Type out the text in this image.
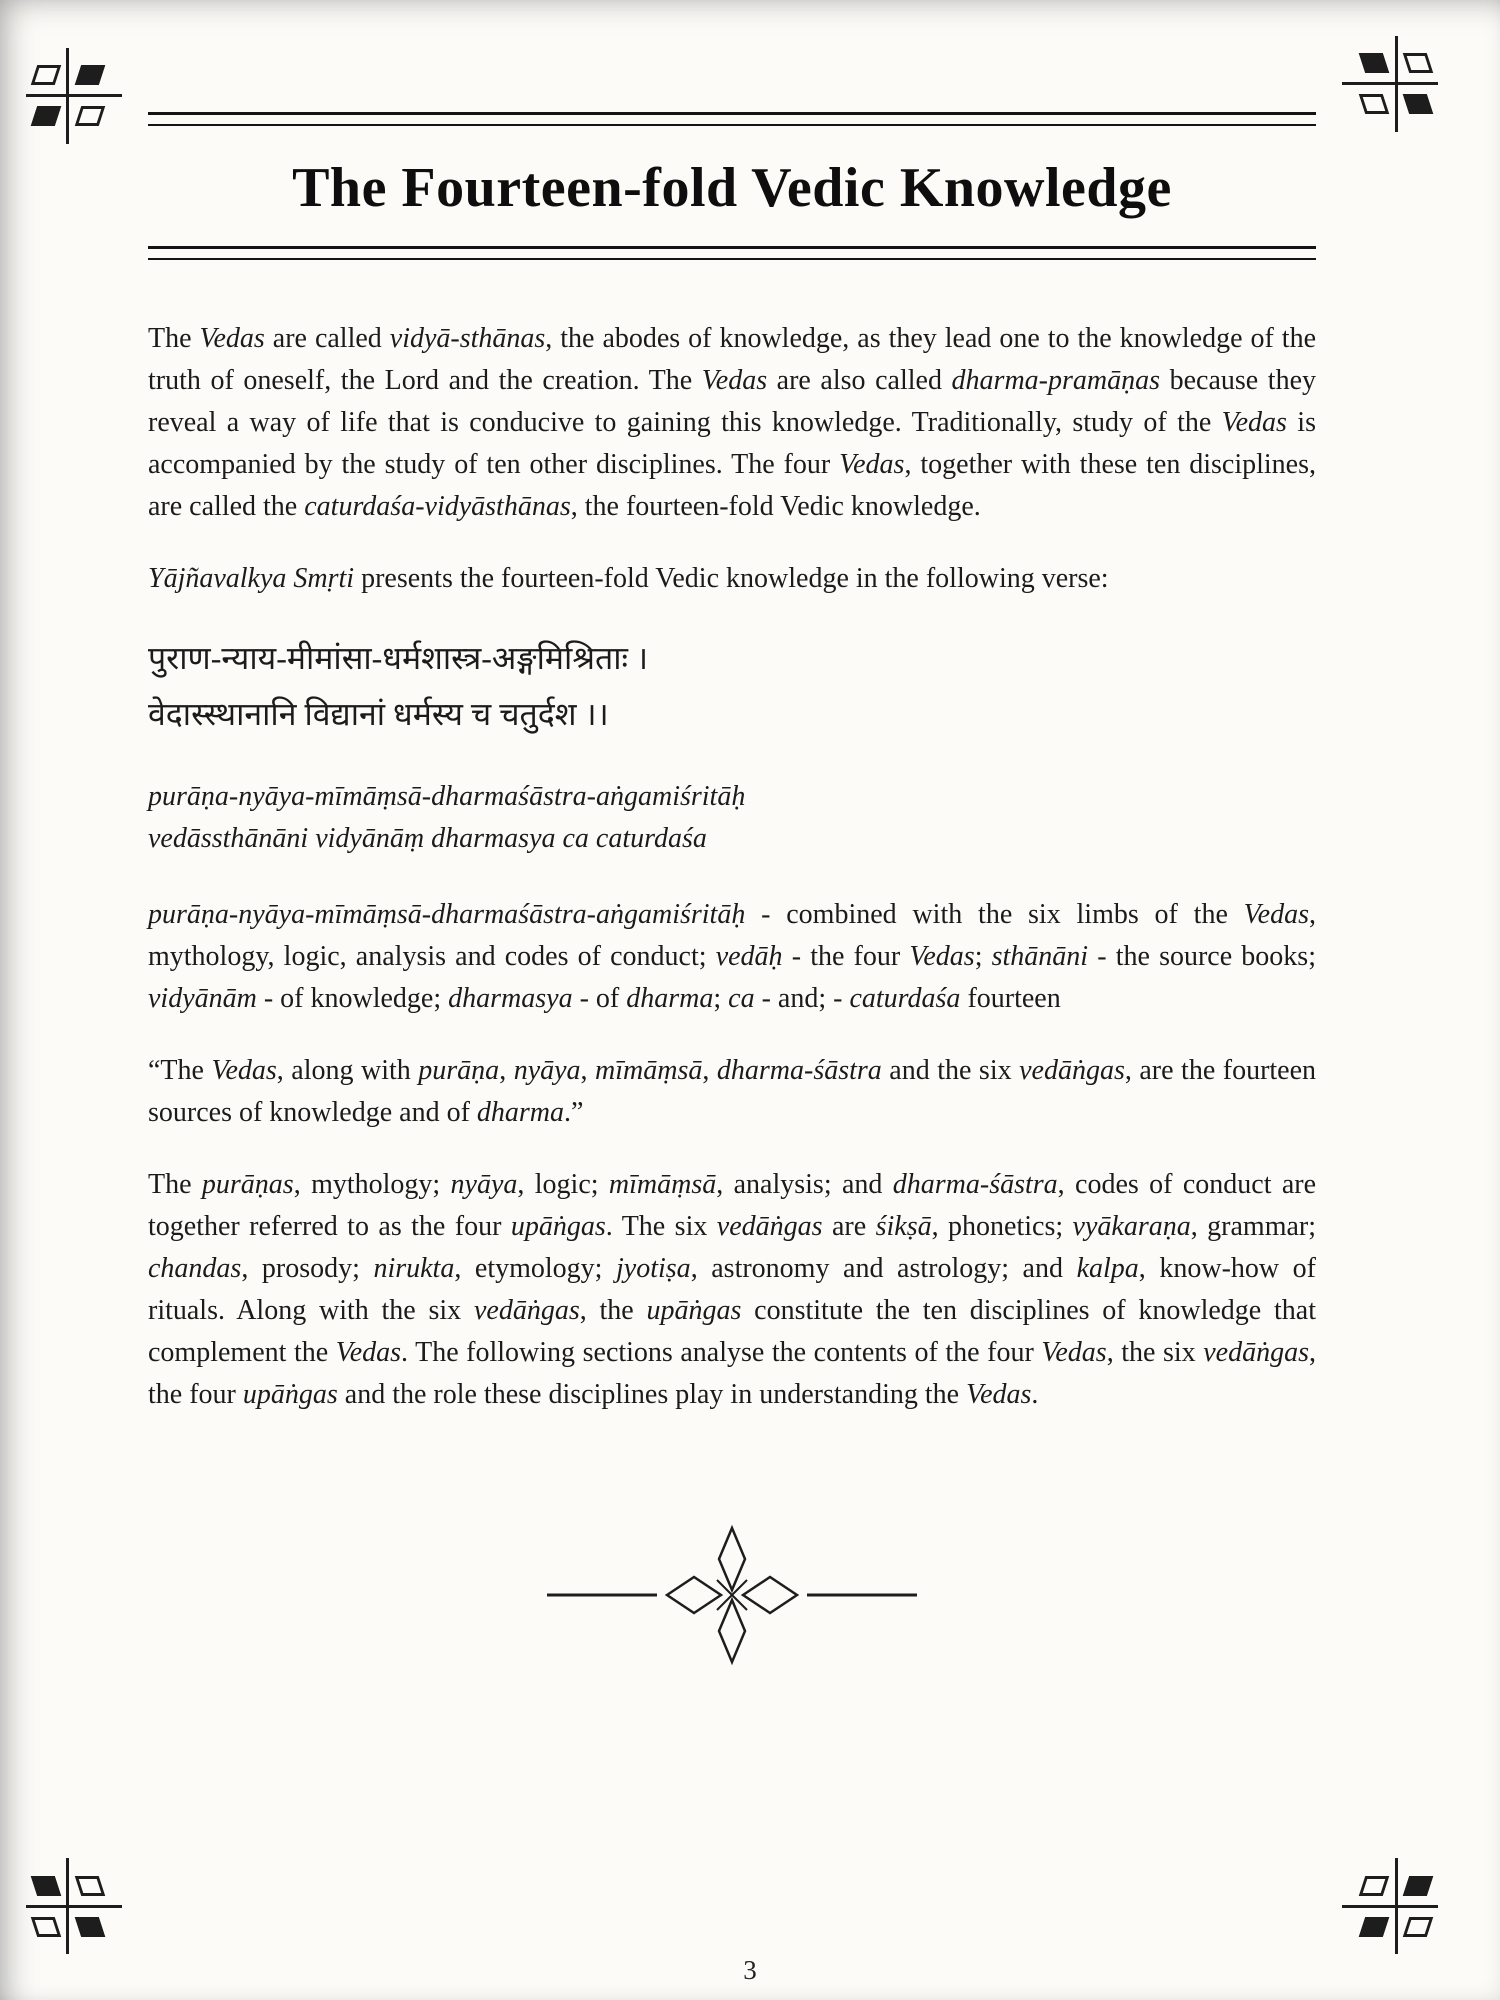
The Fourteen-fold Vedic Knowledge

The Vedas are called vidyā-sthānas, the abodes of knowledge, as they lead one to the knowledge of the truth of oneself, the Lord and the creation. The Vedas are also called dharma-pramāṇas because they reveal a way of life that is conducive to gaining this knowledge. Traditionally, study of the Vedas is accompanied by the study of ten other disciplines. The four Vedas, together with these ten disciplines, are called the caturdaśa-vidyāsthānas, the fourteen-fold Vedic knowledge.

Yājñavalkya Smṛti presents the fourteen-fold Vedic knowledge in the following verse:

पुराण-न्याय-मीमांसा-धर्मशास्त्र-अङ्गमिश्रिताः ।
वेदास्स्थानानि विद्यानां धर्मस्य च चतुर्दश ।।
purāṇa-nyāya-mīmāṃsā-dharmaśāstra-aṅgamiśritāḥ
vedāssthānāni vidyānāṃ dharmasya ca caturdaśa

purāṇa-nyāya-mīmāṃsā-dharmaśāstra-aṅgamiśritāḥ - combined with the six limbs of the Vedas, mythology, logic, analysis and codes of conduct; vedāḥ - the four Vedas; sthānāni - the source books; vidyānām - of knowledge; dharmasya - of dharma; ca - and; - caturdaśa fourteen

“The Vedas, along with purāṇa, nyāya, mīmāṃsā, dharma-śāstra and the six vedāṅgas, are the fourteen sources of knowledge and of dharma.”

The purāṇas, mythology; nyāya, logic; mīmāṃsā, analysis; and dharma-śāstra, codes of conduct are together referred to as the four upāṅgas. The six vedāṅgas are śikṣā, phonetics; vyākaraṇa, grammar; chandas, prosody; nirukta, etymology; jyotiṣa, astronomy and astrology; and kalpa, know-how of rituals. Along with the six vedāṅgas, the upāṅgas constitute the ten disciplines of knowledge that complement the Vedas. The following sections analyse the contents of the four Vedas, the six vedāṅgas, the four upāṅgas and the role these disciplines play in understanding the Vedas.

3
